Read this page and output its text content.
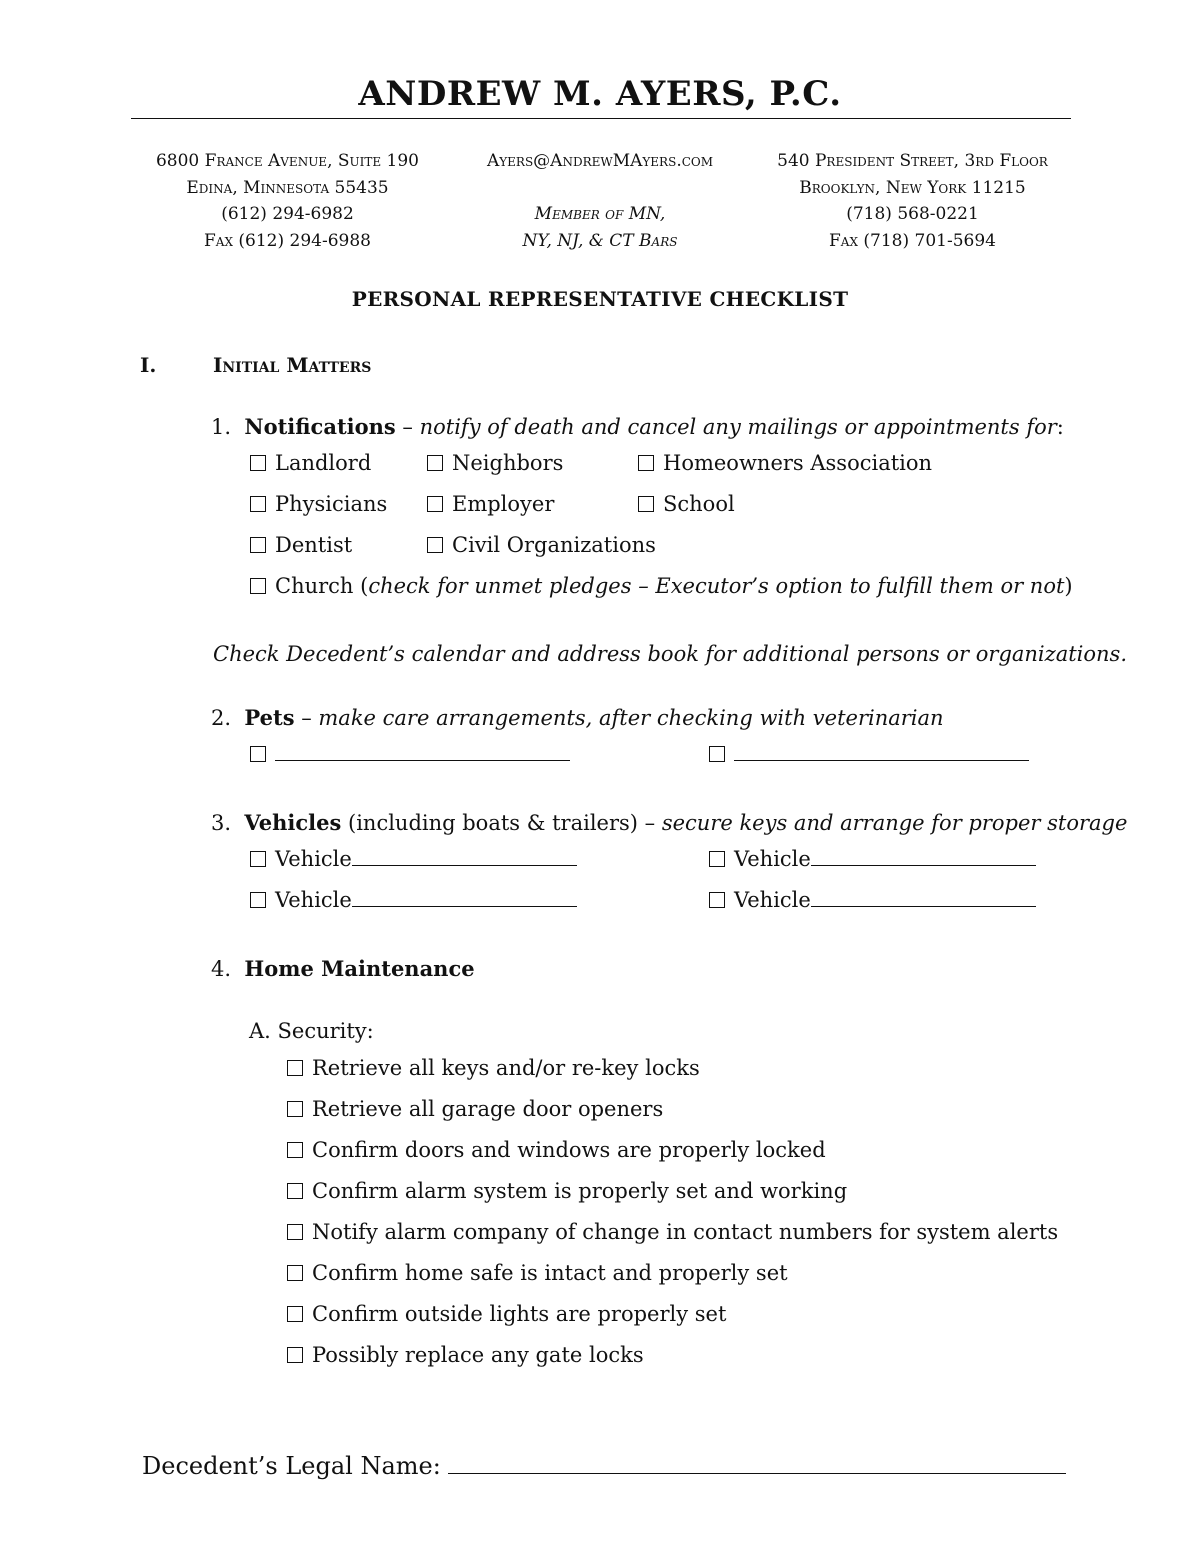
ANDREW M. AYERS, P.C.
6800 France Avenue, Suite 190
Edina, Minnesota 55435
(612) 294-6982
Fax (612) 294-6988
Ayers@AndrewMAyers.com

Member of MN,
NY, NJ, & CT Bars
540 President Street, 3rd Floor
Brooklyn, New York 11215
(718) 568-0221
Fax (718) 701-5694
PERSONAL REPRESENTATIVE CHECKLIST
I.	Initial Matters
1. Notifications – notify of death and cancel any mailings or appointments for:
Landlord	Neighbors	Homeowners Association
Physicians	Employer	School
Dentist	Civil Organizations
Church (check for unmet pledges – Executor’s option to fulfill them or not)
Check Decedent’s calendar and address book for additional persons or organizations.
2. Pets – make care arrangements, after checking with veterinarian
3. Vehicles (including boats & trailers) – secure keys and arrange for proper storage
Vehicle	Vehicle
Vehicle	Vehicle
4. Home Maintenance
A. Security:
Retrieve all keys and/or re-key locks
Retrieve all garage door openers
Confirm doors and windows are properly locked
Confirm alarm system is properly set and working
Notify alarm company of change in contact numbers for system alerts
Confirm home safe is intact and properly set
Confirm outside lights are properly set
Possibly replace any gate locks
Decedent’s Legal Name:
